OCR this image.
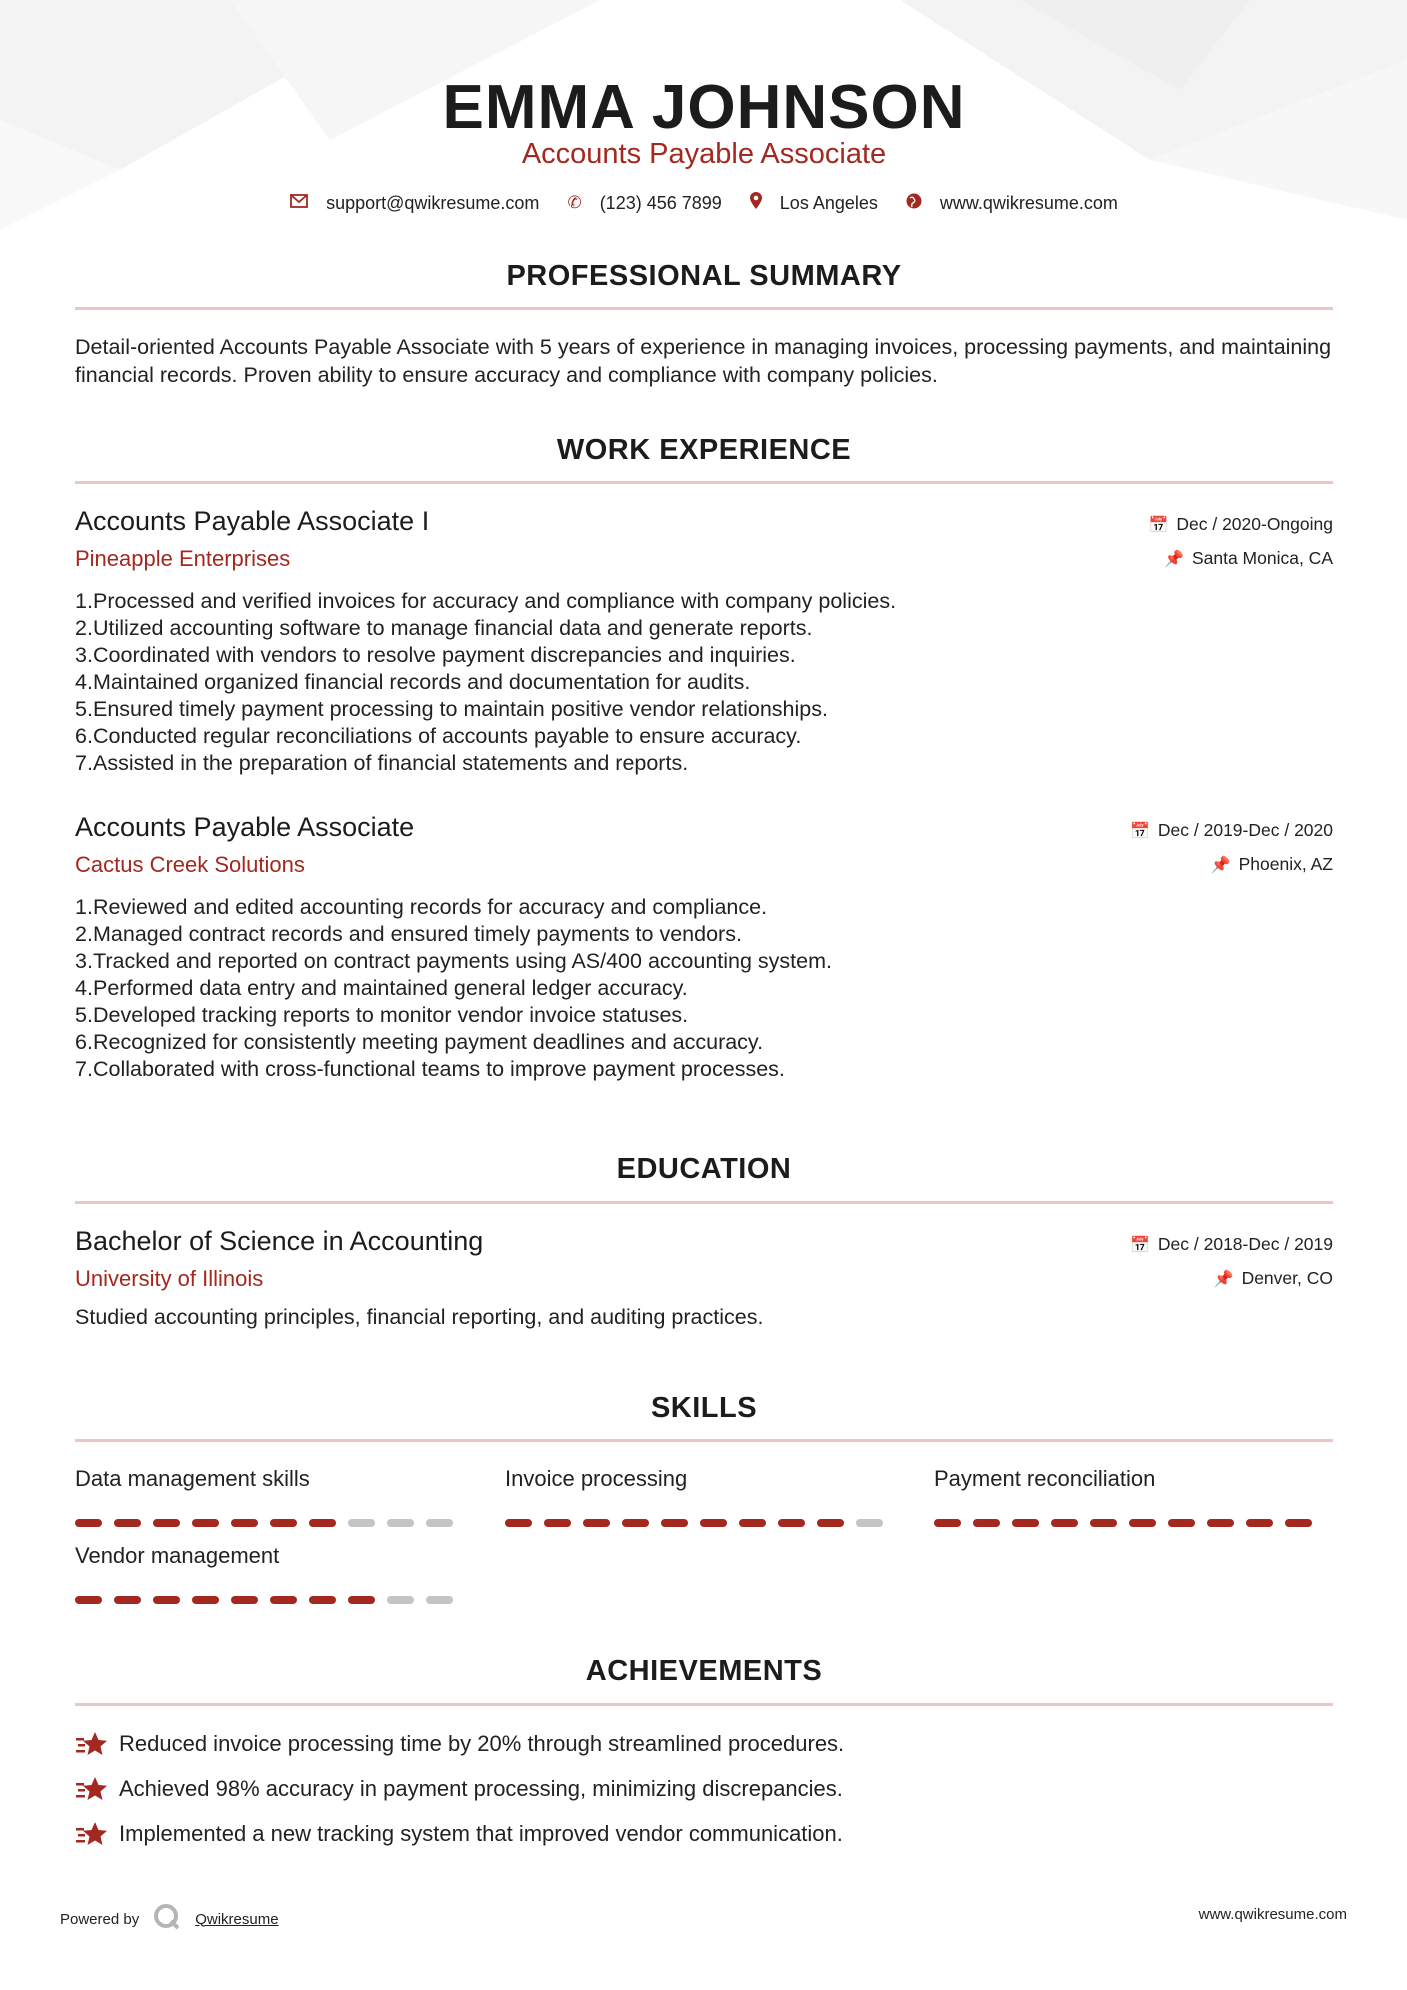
EMMA JOHNSON
Accounts Payable Associate
support@qwikresume.com ✆ (123) 456 7899	Los Angeles	www.qwikresume.com
PROFESSIONAL SUMMARY
Detail-oriented Accounts Payable Associate with 5 years of experience in managing invoices, processing payments, and maintaining financial records. Proven ability to ensure accuracy and compliance with company policies.
WORK EXPERIENCE
Accounts Payable Associate I
Pineapple Enterprises
📅 Dec / 2020-Ongoing
📌 Santa Monica, CA
1. Processed and verified invoices for accuracy and compliance with company policies.
2. Utilized accounting software to manage financial data and generate reports.
3. Coordinated with vendors to resolve payment discrepancies and inquiries.
4. Maintained organized financial records and documentation for audits.
5. Ensured timely payment processing to maintain positive vendor relationships.
6. Conducted regular reconciliations of accounts payable to ensure accuracy.
7. Assisted in the preparation of financial statements and reports.
Accounts Payable Associate
Cactus Creek Solutions
📅 Dec / 2019-Dec / 2020
📌 Phoenix, AZ
1. Reviewed and edited accounting records for accuracy and compliance.
2. Managed contract records and ensured timely payments to vendors.
3. Tracked and reported on contract payments using AS/400 accounting system.
4. Performed data entry and maintained general ledger accuracy.
5. Developed tracking reports to monitor vendor invoice statuses.
6. Recognized for consistently meeting payment deadlines and accuracy.
7. Collaborated with cross-functional teams to improve payment processes.
EDUCATION
Bachelor of Science in Accounting
University of Illinois
📅 Dec / 2018-Dec / 2019
📌 Denver, CO
Studied accounting principles, financial reporting, and auditing practices.
SKILLS
Data management skills	Invoice processing	Payment reconciliation
Vendor management
ACHIEVEMENTS
Reduced invoice processing time by 20% through streamlined procedures.
Achieved 98% accuracy in payment processing, minimizing discrepancies.
Implemented a new tracking system that improved vendor communication.
Powered by	Qwikresume	www.qwikresume.com
